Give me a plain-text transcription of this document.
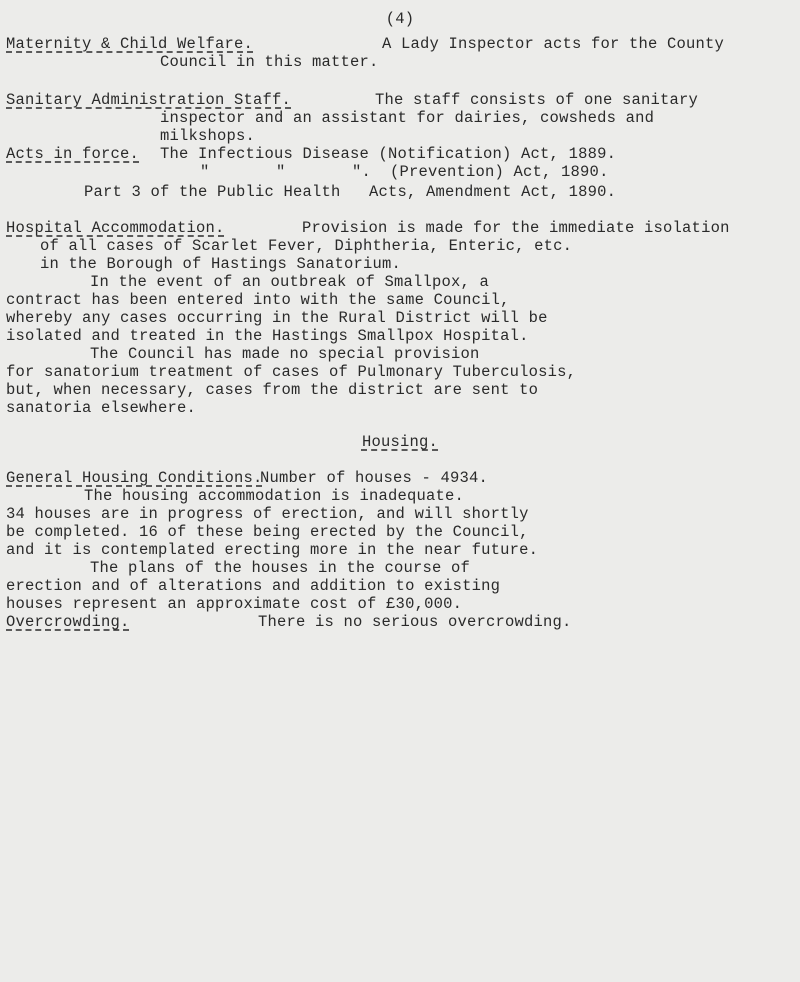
(4)
Maternity & Child Welfare.	A Lady Inspector acts for the County
Council in this matter.
Sanitary Administration Staff.	The staff consists of one sanitary
inspector and an assistant for dairies, cowsheds and
milkshops.
Acts in force. The Infectious Disease (Notification) Act, 1889.
"       "       ".  (Prevention) Act, 1890.
Part 3 of the Public Health   Acts, Amendment Act, 1890.
Hospital Accommodation.	Provision is made for the immediate isolation
of all cases of Scarlet Fever, Diphtheria, Enteric, etc.
in the Borough of Hastings Sanatorium.
In the event of an outbreak of Smallpox, a
contract has been entered into with the same Council,
whereby any cases occurring in the Rural District will be
isolated and treated in the Hastings Smallpox Hospital.
The Council has made no special provision
for sanatorium treatment of cases of Pulmonary Tuberculosis,
but, when necessary, cases from the district are sent to
sanatoria elsewhere.
Housing.
General Housing Conditions.
Number of houses - 4934.
The housing accommodation is inadequate.
34 houses are in progress of erection, and will shortly
be completed. 16 of these being erected by the Council,
and it is contemplated erecting more in the near future.
The plans of the houses in the course of
erection and of alterations and addition to existing
houses represent an approximate cost of £30,000.
Overcrowding.	There is no serious overcrowding.
